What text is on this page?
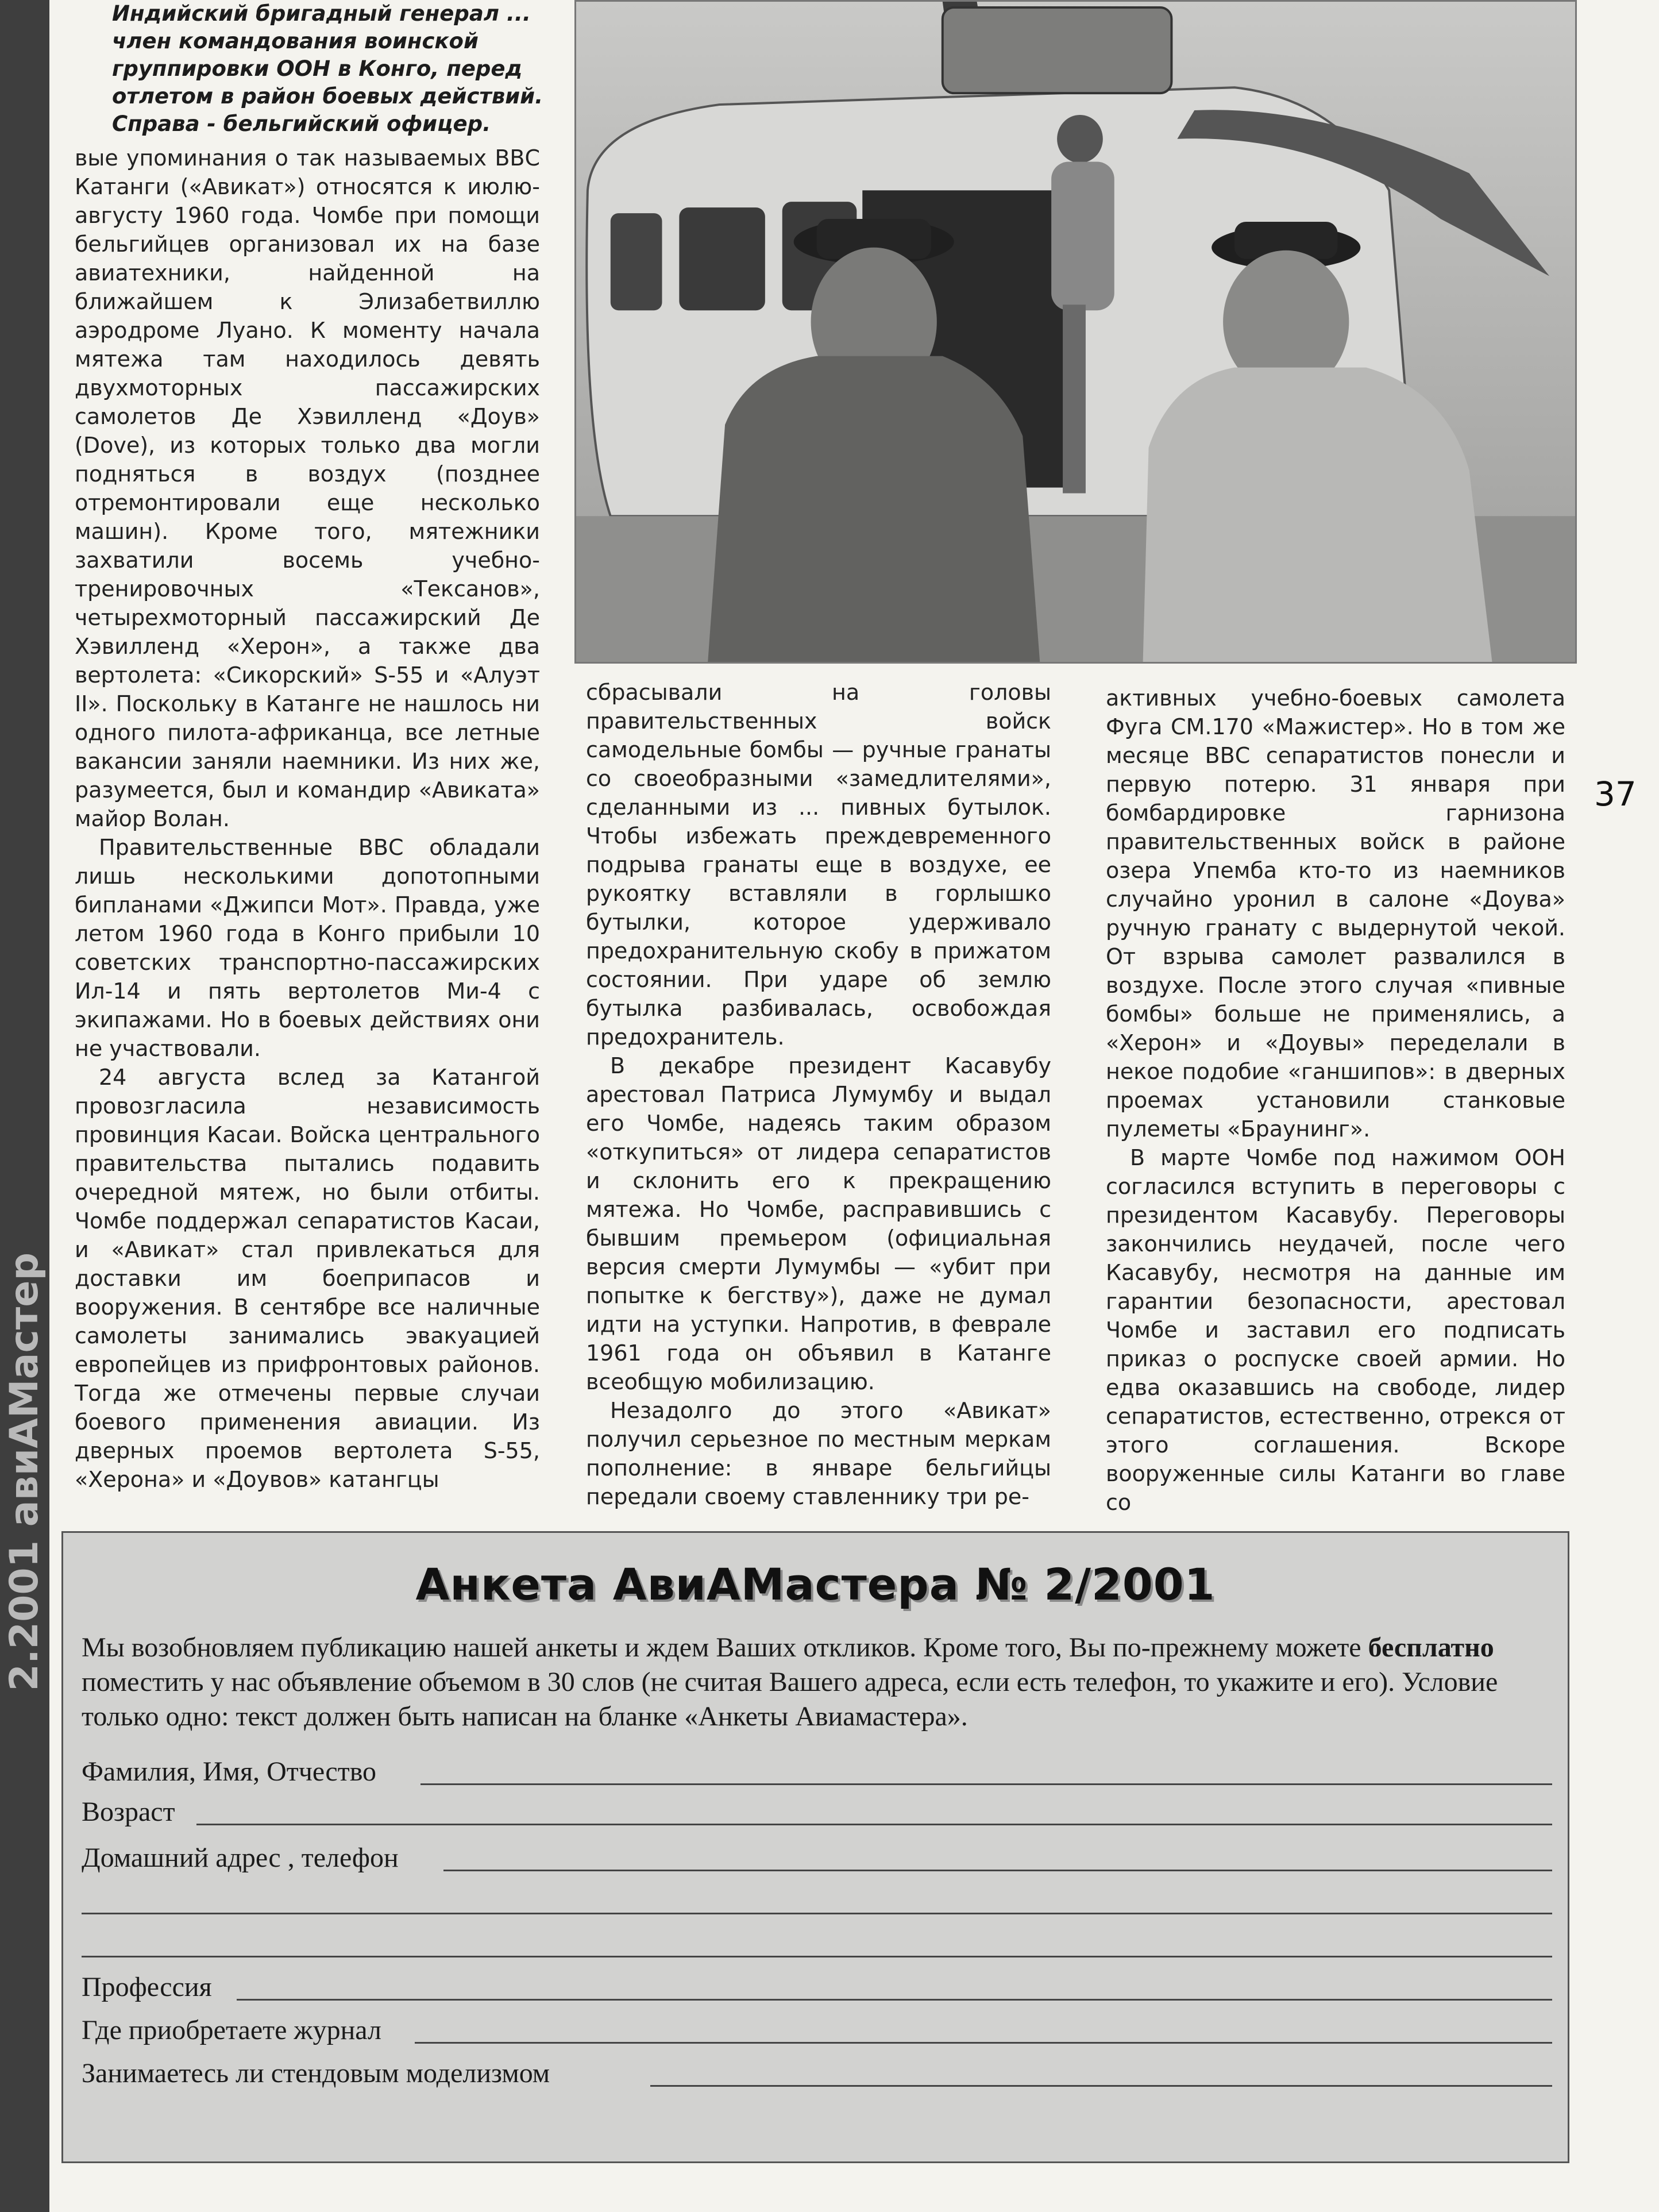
2.2001 авиАМастер
Индийский бригадный генерал ...
член командования воинской
группировки ООН в Конго, перед
отлетом в район боевых действий.
Справа - бельгийский офицер.

вые упоминания о так называемых ВВС Катанги («Авикат») относятся к июлю-августу 1960 года. Чомбе при помощи бельгийцев организовал их на базе авиатехники, найденной на ближайшем к Элизабетвиллю аэродроме Луано. К моменту начала мятежа там находилось девять двухмоторных пассажирских самолетов Де Хэвилленд «Доув» (Dove), из которых только два могли подняться в воздух (позднее отремонтировали еще несколько машин). Кроме того, мятежники захватили восемь учебно-тренировочных «Тексанов», четырехмоторный пассажирский Де Хэвилленд «Херон», а также два вертолета: «Сикорский» S-55 и «Алуэт II». Поскольку в Катанге не нашлось ни одного пилота-африканца, все летные вакансии заняли наемники. Из них же, разумеется, был и командир «Авиката» майор Волан.

Правительственные ВВС обладали лишь несколькими допотопными бипланами «Джипси Мот». Правда, уже летом 1960 года в Конго прибыли 10 советских транспортно-пассажирских Ил-14 и пять вертолетов Ми-4 с экипажами. Но в боевых действиях они не участвовали.

24 августа вслед за Катангой провозгласила независимость провинция Касаи. Войска центрального правительства пытались подавить очередной мятеж, но были отбиты. Чомбе поддержал сепаратистов Касаи, и «Авикат» стал привлекаться для доставки им боеприпасов и вооружения. В сентябре все наличные самолеты занимались эвакуацией европейцев из прифронтовых районов. Тогда же отмечены первые случаи боевого применения авиации. Из дверных проемов вертолета S-55, «Херона» и «Доувов» катангцы

сбрасывали на головы правительственных войск самодельные бомбы — ручные гранаты со своеобразными «замедлителями», сделанными из ... пивных бутылок. Чтобы избежать преждевременного подрыва гранаты еще в воздухе, ее рукоятку вставляли в горлышко бутылки, которое удерживало предохранительную скобу в прижатом состоянии. При ударе об землю бутылка разбивалась, освобождая предохранитель.

В декабре президент Касавубу арестовал Патриса Лумумбу и выдал его Чомбе, надеясь таким образом «откупиться» от лидера сепаратистов и склонить его к прекращению мятежа. Но Чомбе, расправившись с бывшим премьером (официальная версия смерти Лумумбы — «убит при попытке к бегству»), даже не думал идти на уступки. Напротив, в феврале 1961 года он объявил в Катанге всеобщую мобилизацию.

Незадолго до этого «Авикат» получил серьезное по местным меркам пополнение: в январе бельгийцы передали своему ставленнику три ре-

активных учебно-боевых самолета Фуга СМ.170 «Мажистер». Но в том же месяце ВВС сепаратистов понесли и первую потерю. 31 января при бомбардировке гарнизона правительственных войск в районе озера Упемба кто-то из наемников случайно уронил в салоне «Доува» ручную гранату с выдернутой чекой. От взрыва самолет развалился в воздухе. После этого случая «пивные бомбы» больше не применялись, а «Херон» и «Доувы» переделали в некое подобие «ганшипов»: в дверных проемах установили станковые пулеметы «Браунинг».

В марте Чомбе под нажимом ООН согласился вступить в переговоры с президентом Касавубу. Переговоры закончились неудачей, после чего Касавубу, несмотря на данные им гарантии безопасности, арестовал Чомбе и заставил его подписать приказ о роспуске своей армии. Но едва оказавшись на свободе, лидер сепаратистов, естественно, отрекся от этого соглашения. Вскоре вооруженные силы Катанги во главе со

37
Анкета АвиАМастера № 2/2001
Мы возобновляем публикацию нашей анкеты и ждем Ваших откликов. Кроме того, Вы по-прежнему можете бесплатно поместить у нас объявление объемом в 30 слов (не считая Вашего адреса, если есть телефон, то укажите и его). Условие только одно: текст должен быть написан на бланке «Анкеты Авиамастера».
Фамилия, Имя, Отчество
Возраст
Домашний адрес , телефон
Профессия
Где приобретаете журнал
Занимаетесь ли стендовым моделизмом
